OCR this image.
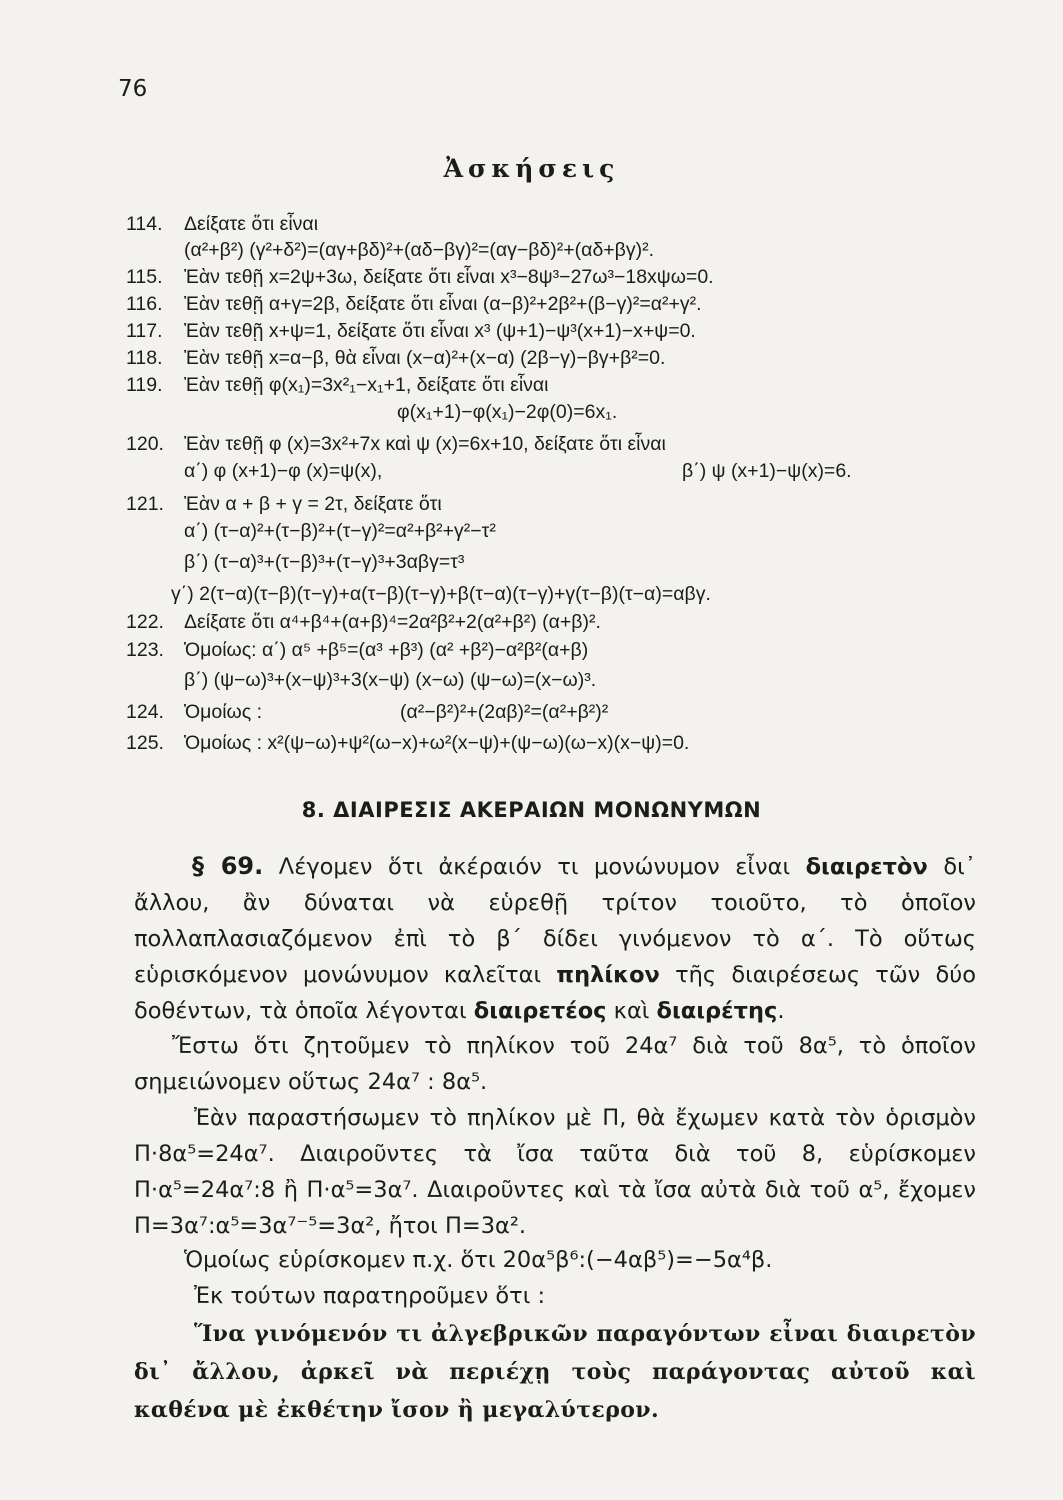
76
Ἀσκήσεις
114. Δείξατε ὅτι εἶναι
(α²+β²) (γ²+δ²)=(αγ+βδ)²+(αδ−βγ)²=(αγ−βδ)²+(αδ+βγ)².
115. Ἐὰν τεθῇ x=2ψ+3ω, δείξατε ὅτι εἶναι x³−8ψ³−27ω³−18xψω=0.
116. Ἐὰν τεθῇ α+γ=2β, δείξατε ὅτι εἶναι (α−β)²+2β²+(β−γ)²=α²+γ².
117. Ἐὰν τεθῇ x+ψ=1, δείξατε ὅτι εἶναι x³ (ψ+1)−ψ³(x+1)−x+ψ=0.
118. Ἐὰν τεθῇ x=α−β, θὰ εἶναι (x−α)²+(x−α) (2β−γ)−βγ+β²=0.
119. Ἐὰν τεθῇ φ(x₁)=3x²₁−x₁+1, δείξατε ὅτι εἶναι
φ(x₁+1)−φ(x₁)−2φ(0)=6x₁.
120. Ἐὰν τεθῇ φ (x)=3x²+7x καὶ ψ (x)=6x+10, δείξατε ὅτι εἶναι
α΄) φ (x+1)−φ (x)=ψ(x),	β΄) ψ (x+1)−ψ(x)=6.
121. Ἐὰν α + β + γ = 2τ, δείξατε ὅτι
α΄) (τ−α)²+(τ−β)²+(τ−γ)²=α²+β²+γ²−τ²
β΄) (τ−α)³+(τ−β)³+(τ−γ)³+3αβγ=τ³
γ΄) 2(τ−α)(τ−β)(τ−γ)+α(τ−β)(τ−γ)+β(τ−α)(τ−γ)+γ(τ−β)(τ−α)=αβγ.
122. Δείξατε ὅτι α⁴+β⁴+(α+β)⁴=2α²β²+2(α²+β²) (α+β)².
123. Ὁμοίως: α΄) α⁵ +β⁵=(α³ +β³) (α² +β²)−α²β²(α+β)
β΄) (ψ−ω)³+(x−ψ)³+3(x−ψ) (x−ω) (ψ−ω)=(x−ω)³.
124. Ὁμοίως :	(α²−β²)²+(2αβ)²=(α²+β²)²
125. Ὁμοίως : x²(ψ−ω)+ψ²(ω−x)+ω²(x−ψ)+(ψ−ω)(ω−x)(x−ψ)=0.
8. ΔΙΑΙΡΕΣΙΣ ΑΚΕΡΑΙΩΝ ΜΟΝΩΝΥΜΩΝ
§ 69. Λέγομεν ὅτι ἀκέραιόν τι μονώνυμον εἶναι διαιρετὸν δι᾽ ἄλλου, ἂν δύναται νὰ εὑρεθῇ τρίτον τοιοῦτο, τὸ ὁποῖον πολλαπλασιαζόμενον ἐπὶ τὸ β΄ δίδει γινόμενον τὸ α΄. Τὸ οὕτως εὑρισκόμενον μονώνυμον καλεῖται πηλίκον τῆς διαιρέσεως τῶν δύο δοθέντων, τὰ ὁποῖα λέγονται διαιρετέος καὶ διαιρέτης.
Ἔστω ὅτι ζητοῦμεν τὸ πηλίκον τοῦ 24α⁷ διὰ τοῦ 8α⁵, τὸ ὁποῖον σημειώνομεν οὕτως 24α⁷ : 8α⁵.
Ἐὰν παραστήσωμεν τὸ πηλίκον μὲ Π, θὰ ἔχωμεν κατὰ τὸν ὁρισμὸν Π·8α⁵=24α⁷. Διαιροῦντες τὰ ἴσα ταῦτα διὰ τοῦ 8, εὑρίσκομεν Π·α⁵=24α⁷:8 ἢ Π·α⁵=3α⁷. Διαιροῦντες καὶ τὰ ἴσα αὐτὰ διὰ τοῦ α⁵, ἔχομεν Π=3α⁷:α⁵=3α⁷⁻⁵=3α², ἤτοι Π=3α².
Ὁμοίως εὑρίσκομεν π.χ. ὅτι 20α⁵β⁶:(−4αβ⁵)=−5α⁴β.
Ἐκ τούτων παρατηροῦμεν ὅτι :
Ἵνα γινόμενόν τι ἀλγεβρικῶν παραγόντων εἶναι διαιρετὸν δι᾽ ἄλλου, ἀρκεῖ νὰ περιέχῃ τοὺς παράγοντας αὐτοῦ καὶ καθένα μὲ ἐκθέτην ἴσον ἢ μεγαλύτερον.
